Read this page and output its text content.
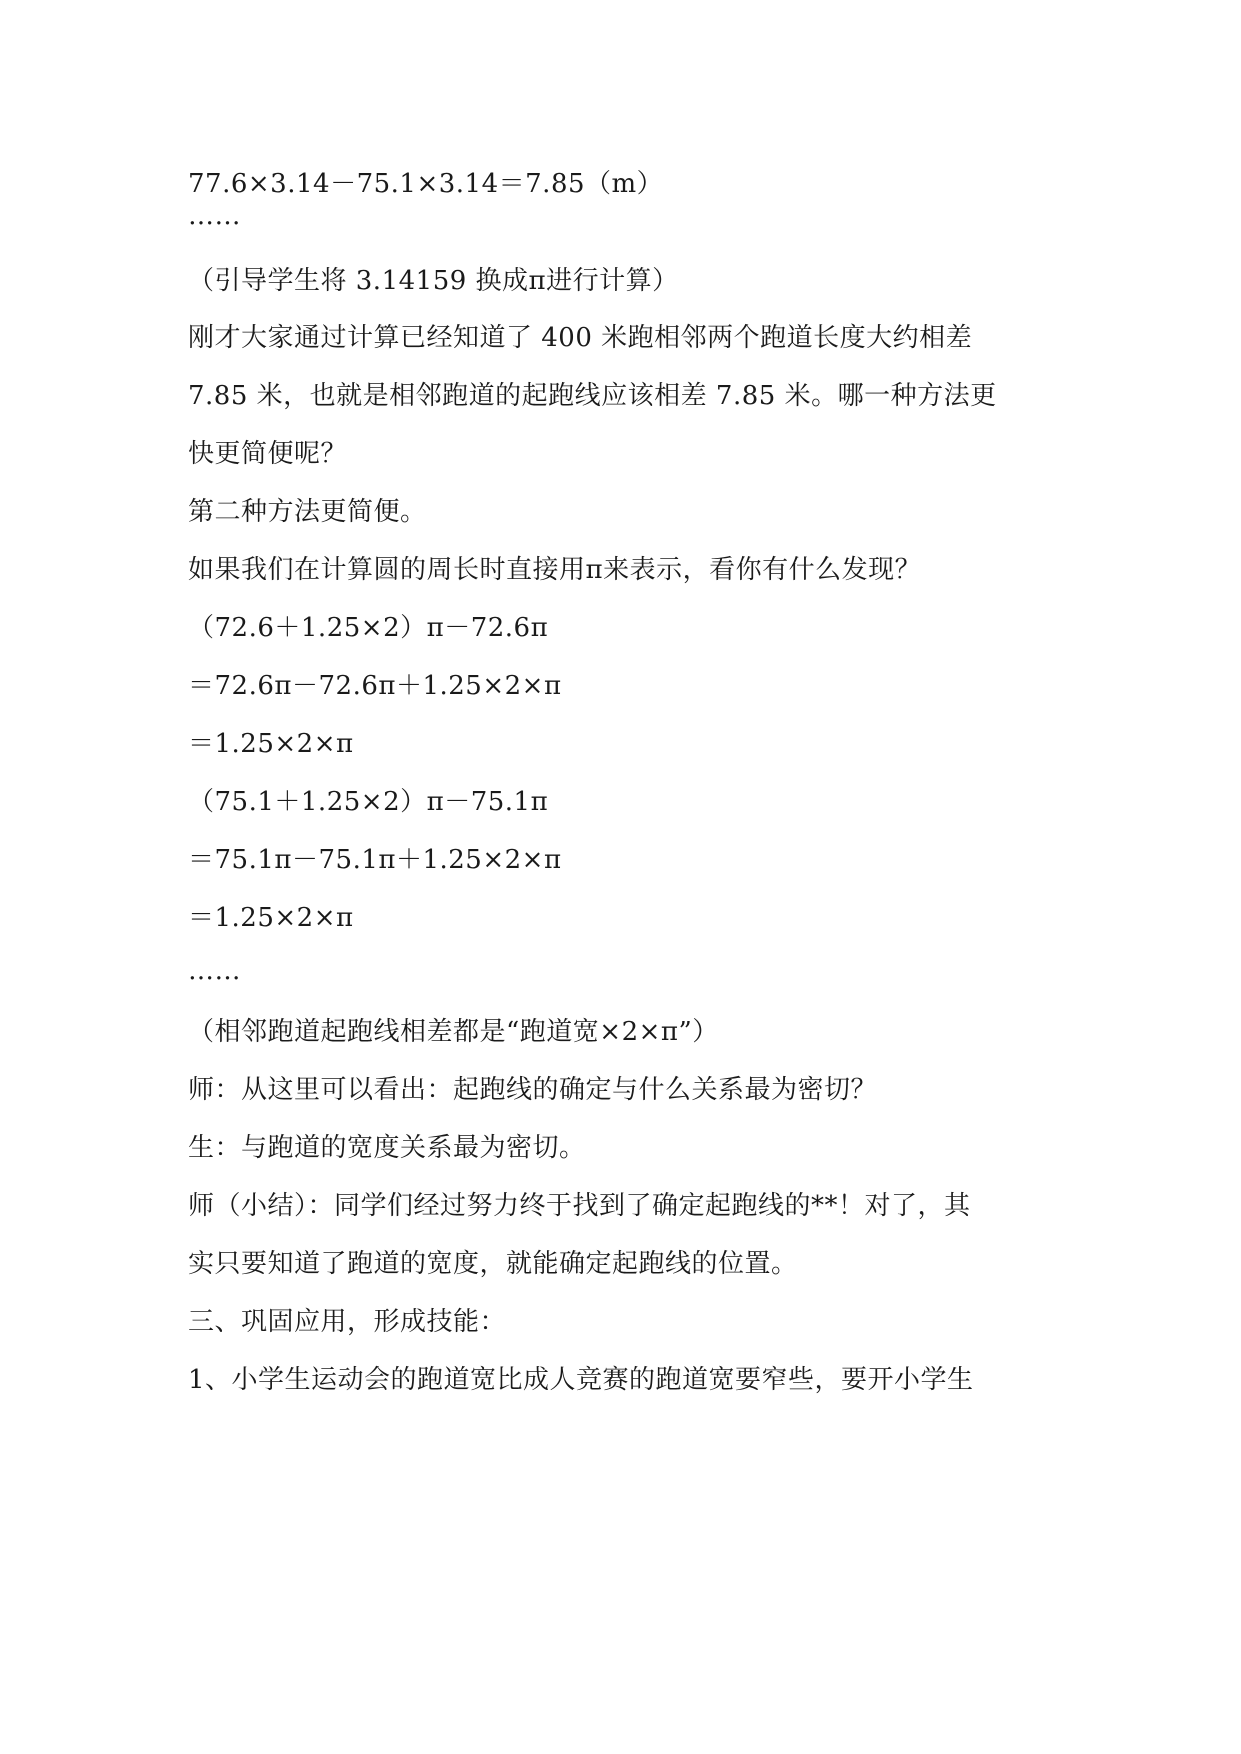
77.6×3.14－75.1×3.14＝7.85（m）
……
（引导学生将 3.14159 换成π进行计算）
刚才大家通过计算已经知道了 400 米跑相邻两个跑道长度大约相差
7.85 米，也就是相邻跑道的起跑线应该相差 7.85 米。哪一种方法更
快更简便呢？
第二种方法更简便。
如果我们在计算圆的周长时直接用π来表示，看你有什么发现？
（72.6＋1.25×2）π－72.6π
＝72.6π－72.6π＋1.25×2×π
＝1.25×2×π
（75.1＋1.25×2）π－75.1π
＝75.1π－75.1π＋1.25×2×π
＝1.25×2×π
……
（相邻跑道起跑线相差都是“跑道宽×2×π”）
师：从这里可以看出：起跑线的确定与什么关系最为密切？
生：与跑道的宽度关系最为密切。
师（小结）：同学们经过努力终于找到了确定起跑线的**！对了，其
实只要知道了跑道的宽度，就能确定起跑线的位置。
三、巩固应用，形成技能：
1、小学生运动会的跑道宽比成人竞赛的跑道宽要窄些，要开小学生
